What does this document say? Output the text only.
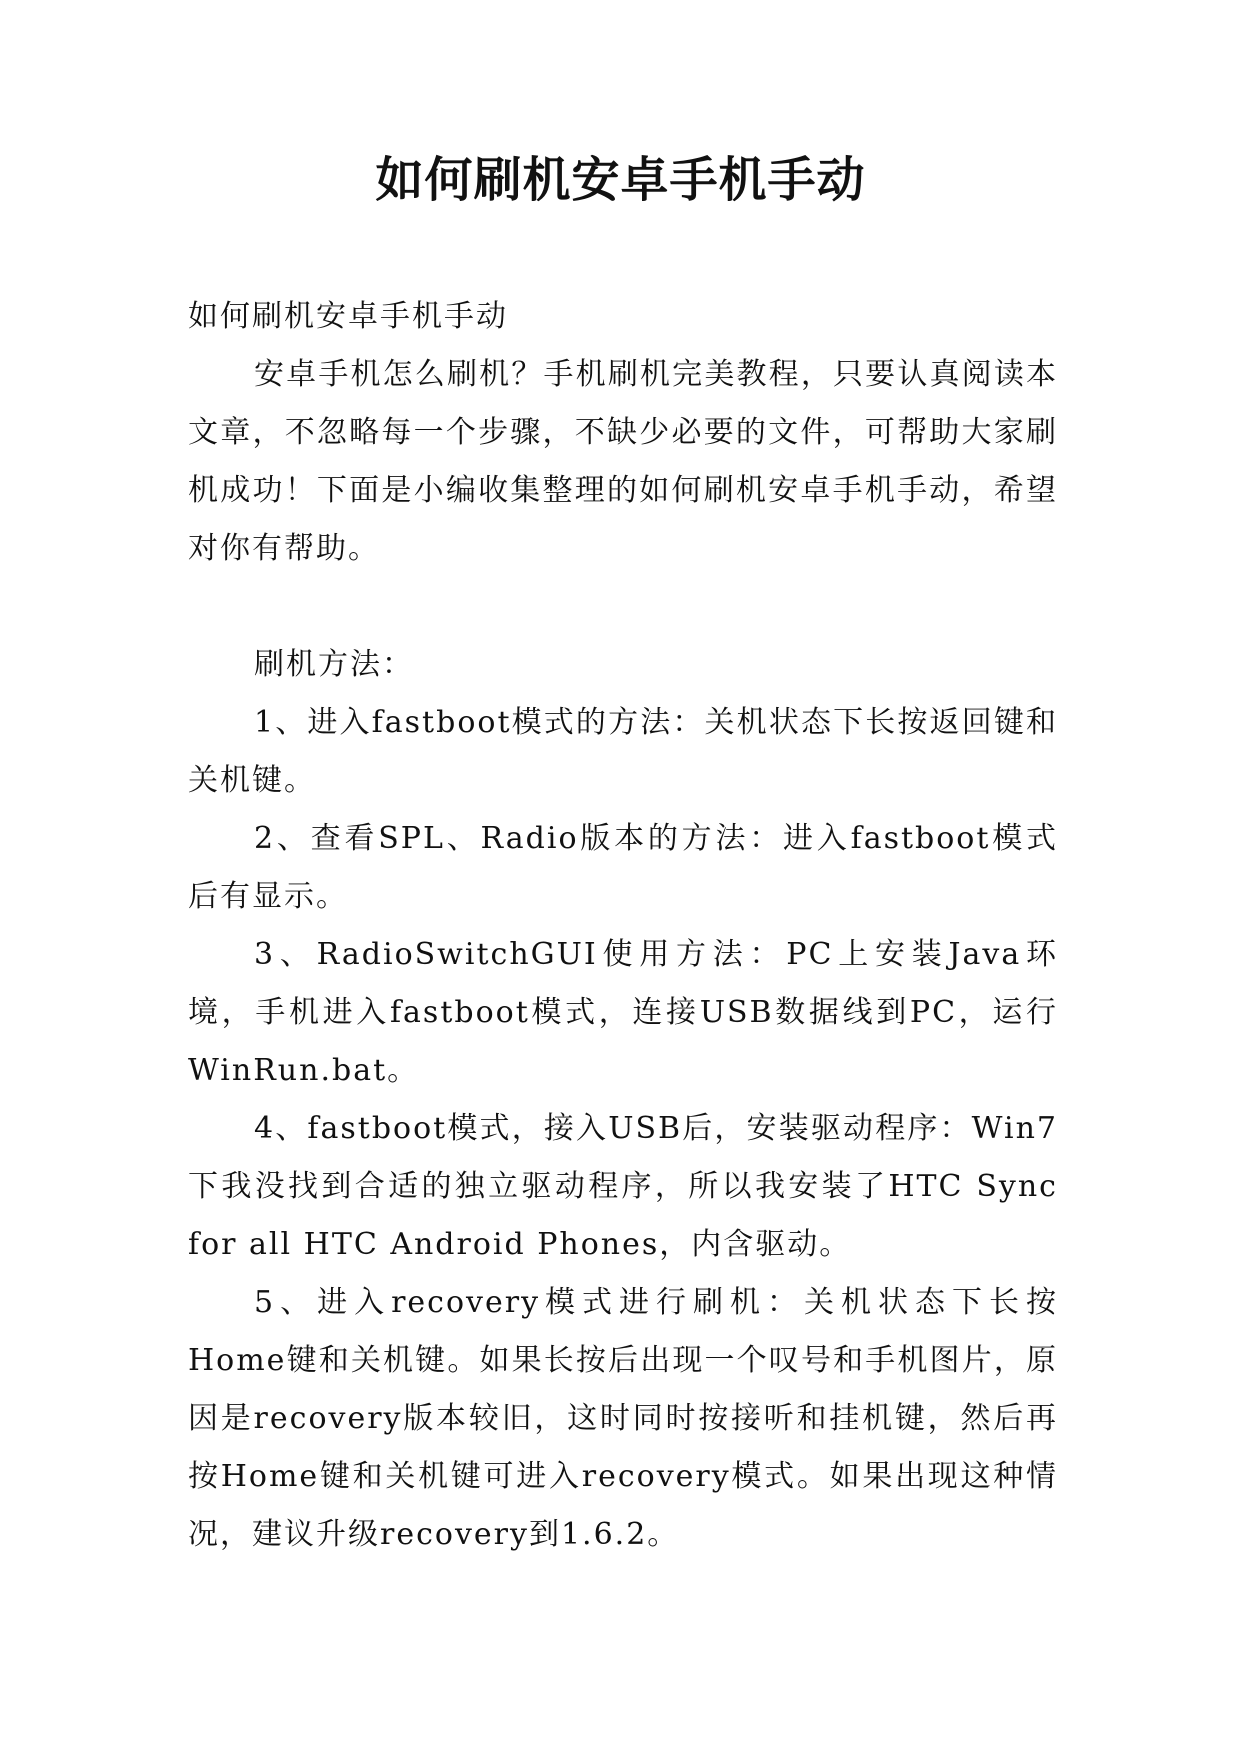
如何刷机安卓手机手动

如何刷机安卓手机手动

安卓手机怎么刷机？手机刷机完美教程，只要认真阅读本文章，不忽略每一个步骤，不缺少必要的文件，可帮助大家刷机成功！下面是小编收集整理的如何刷机安卓手机手动，希望对你有帮助。

刷机方法：

1、进入fastboot模式的方法：关机状态下长按返回键和关机键。

2、查看SPL、Radio版本的方法：进入fastboot模式后有显示。

3、RadioSwitchGUI使用方法：PC上安装Java环境，手机进入fastboot模式，连接USB数据线到PC，运行WinRun.bat。

4、fastboot模式，接入USB后，安装驱动程序：Win7下我没找到合适的独立驱动程序，所以我安装了HTC Sync for all HTC Android Phones，内含驱动。

5、进入recovery模式进行刷机：关机状态下长按Home键和关机键。如果长按后出现一个叹号和手机图片，原因是recovery版本较旧，这时同时按接听和挂机键，然后再按Home键和关机键可进入recovery模式。如果出现这种情况，建议升级recovery到1.6.2。
